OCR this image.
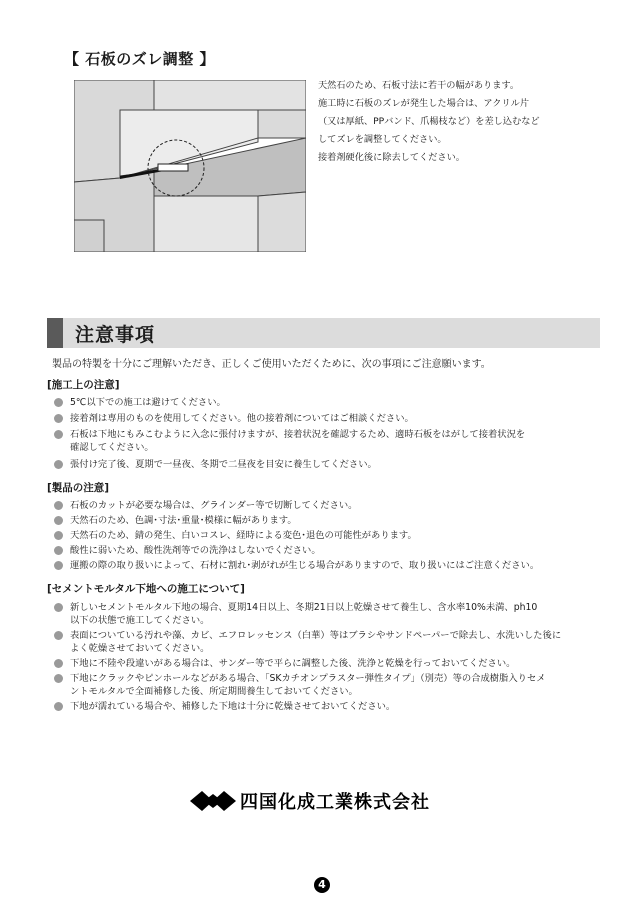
【 石板のズレ調整 】
天然石のため、石板寸法に若干の幅があります。
施工時に石板のズレが発生した場合は、アクリル片
（又は厚紙、PPバンド、爪楊枝など）を差し込むなど
してズレを調整してください。
接着剤硬化後に除去してください。
注意事項
製品の特製を十分にご理解いただき、正しくご使用いただくために、次の事項にご注意願います。
[施工上の注意]
5℃以下での施工は避けてください。
接着剤は専用のものを使用してください。他の接着剤についてはご相談ください。
石板は下地にもみこむように入念に張付けますが、接着状況を確認するため、適時石板をはがして接着状況を
確認してください。
張付け完了後、夏期で一昼夜、冬期で二昼夜を目安に養生してください。
[製品の注意]
石板のカットが必要な場合は、グラインダー等で切断してください。
天然石のため、色調･寸法･重量･模様に幅があります。
天然石のため、錆の発生、白いコスレ、経時による変色･退色の可能性があります。
酸性に弱いため、酸性洗剤等での洗浄はしないでください。
運搬の際の取り扱いによって、石材に割れ･剥がれが生じる場合がありますので、取り扱いにはご注意ください。
[セメントモルタル下地への施工について]
新しいセメントモルタル下地の場合、夏期14日以上、冬期21日以上乾燥させて養生し、含水率10%未満、ph10
以下の状態で施工してください。
表面についている汚れや藻、カビ、エフロレッセンス（白華）等はブラシやサンドペーパーで除去し、水洗いした後に
よく乾燥させておいてください。
下地に不陸や段違いがある場合は、サンダー等で平らに調整した後、洗浄と乾燥を行っておいてください。
下地にクラックやピンホールなどがある場合、「SKカチオンプラスター弾性タイプ」（別売）等の合成樹脂入りセメ
ントモルタルで全面補修した後、所定期間養生しておいてください。
下地が濡れている場合や、補修した下地は十分に乾燥させておいてください。
四国化成工業株式会社
4
